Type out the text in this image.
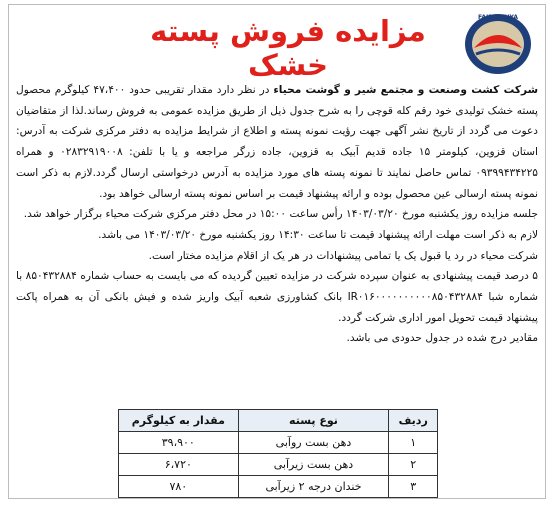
مزایده فروش پسته خشک
FAJR NAHYA

شرکت کشت وصنعت و مجتمع شیر و گوشت محیاء در نظر دارد مقدار تقریبی حدود ۴۷،۴۰۰ کیلوگرم محصول پسته خشک تولیدی خود رقم کله قوچی را به شرح جدول ذیل از طریق مزایده عمومی به فروش رساند.لذا از متقاضیان دعوت می گردد از تاریخ نشر آگهی جهت رؤیت نمونه پسته و اطلاع از شرایط مزایده به دفتر مرکزی شرکت به آدرس: استان قزوین، کیلومتر ۱۵ جاده قدیم آبیک به قزوین، جاده زرگر مراجعه و یا با تلفن: ۰۲۸۳۲۹۱۹۰۰۸ و همراه ۰۹۳۹۹۴۳۴۲۲۵ تماس حاصل نمایند تا نمونه پسته های مورد مزایده به آدرس درخواستی ارسال گردد.لازم به ذکر است نمونه پسته ارسالی عین محصول بوده و ارائه پیشنهاد قیمت بر اساس نمونه پسته ارسالی خواهد بود.

جلسه مزایده روز یکشنبه مورخ ۱۴۰۳/۰۳/۲۰ رأس ساعت ۱۵:۰۰ در محل دفتر مرکزی شرکت محیاء برگزار خواهد شد.

لازم به ذکر است مهلت ارائه پیشنهاد قیمت تا ساعت ۱۴:۳۰ روز یکشنبه مورخ ۱۴۰۳/۰۳/۲۰ می باشد.

شرکت محیاء در رد یا قبول یک یا تمامی پیشنهادات در هر یک از اقلام مزایده مختار است.

۵ درصد قیمت پیشنهادی به عنوان سپرده شرکت در مزایده تعیین گردیده که می بایست به حساب شماره ۸۵۰۴۳۲۸۸۴ با شماره شبا IR۰۱۶۰۰۰۰۰۰۰۰۰۰۸۵۰۴۳۲۸۸۴ بانک کشاورزی شعبه آبیک واریز شده و فیش بانکی آن به همراه پاکت پیشنهاد قیمت تحویل امور اداری شرکت گردد.

مقادیر درج شده در جدول حدودی می باشد.

ردیف	نوع پسته	مقدار به کیلوگرم
۱	دهن بست روآبی	۳۹،۹۰۰
۲	دهن بست زیرآبی	۶،۷۲۰
۳	خندان درجه ۲ زیرآبی	۷۸۰
